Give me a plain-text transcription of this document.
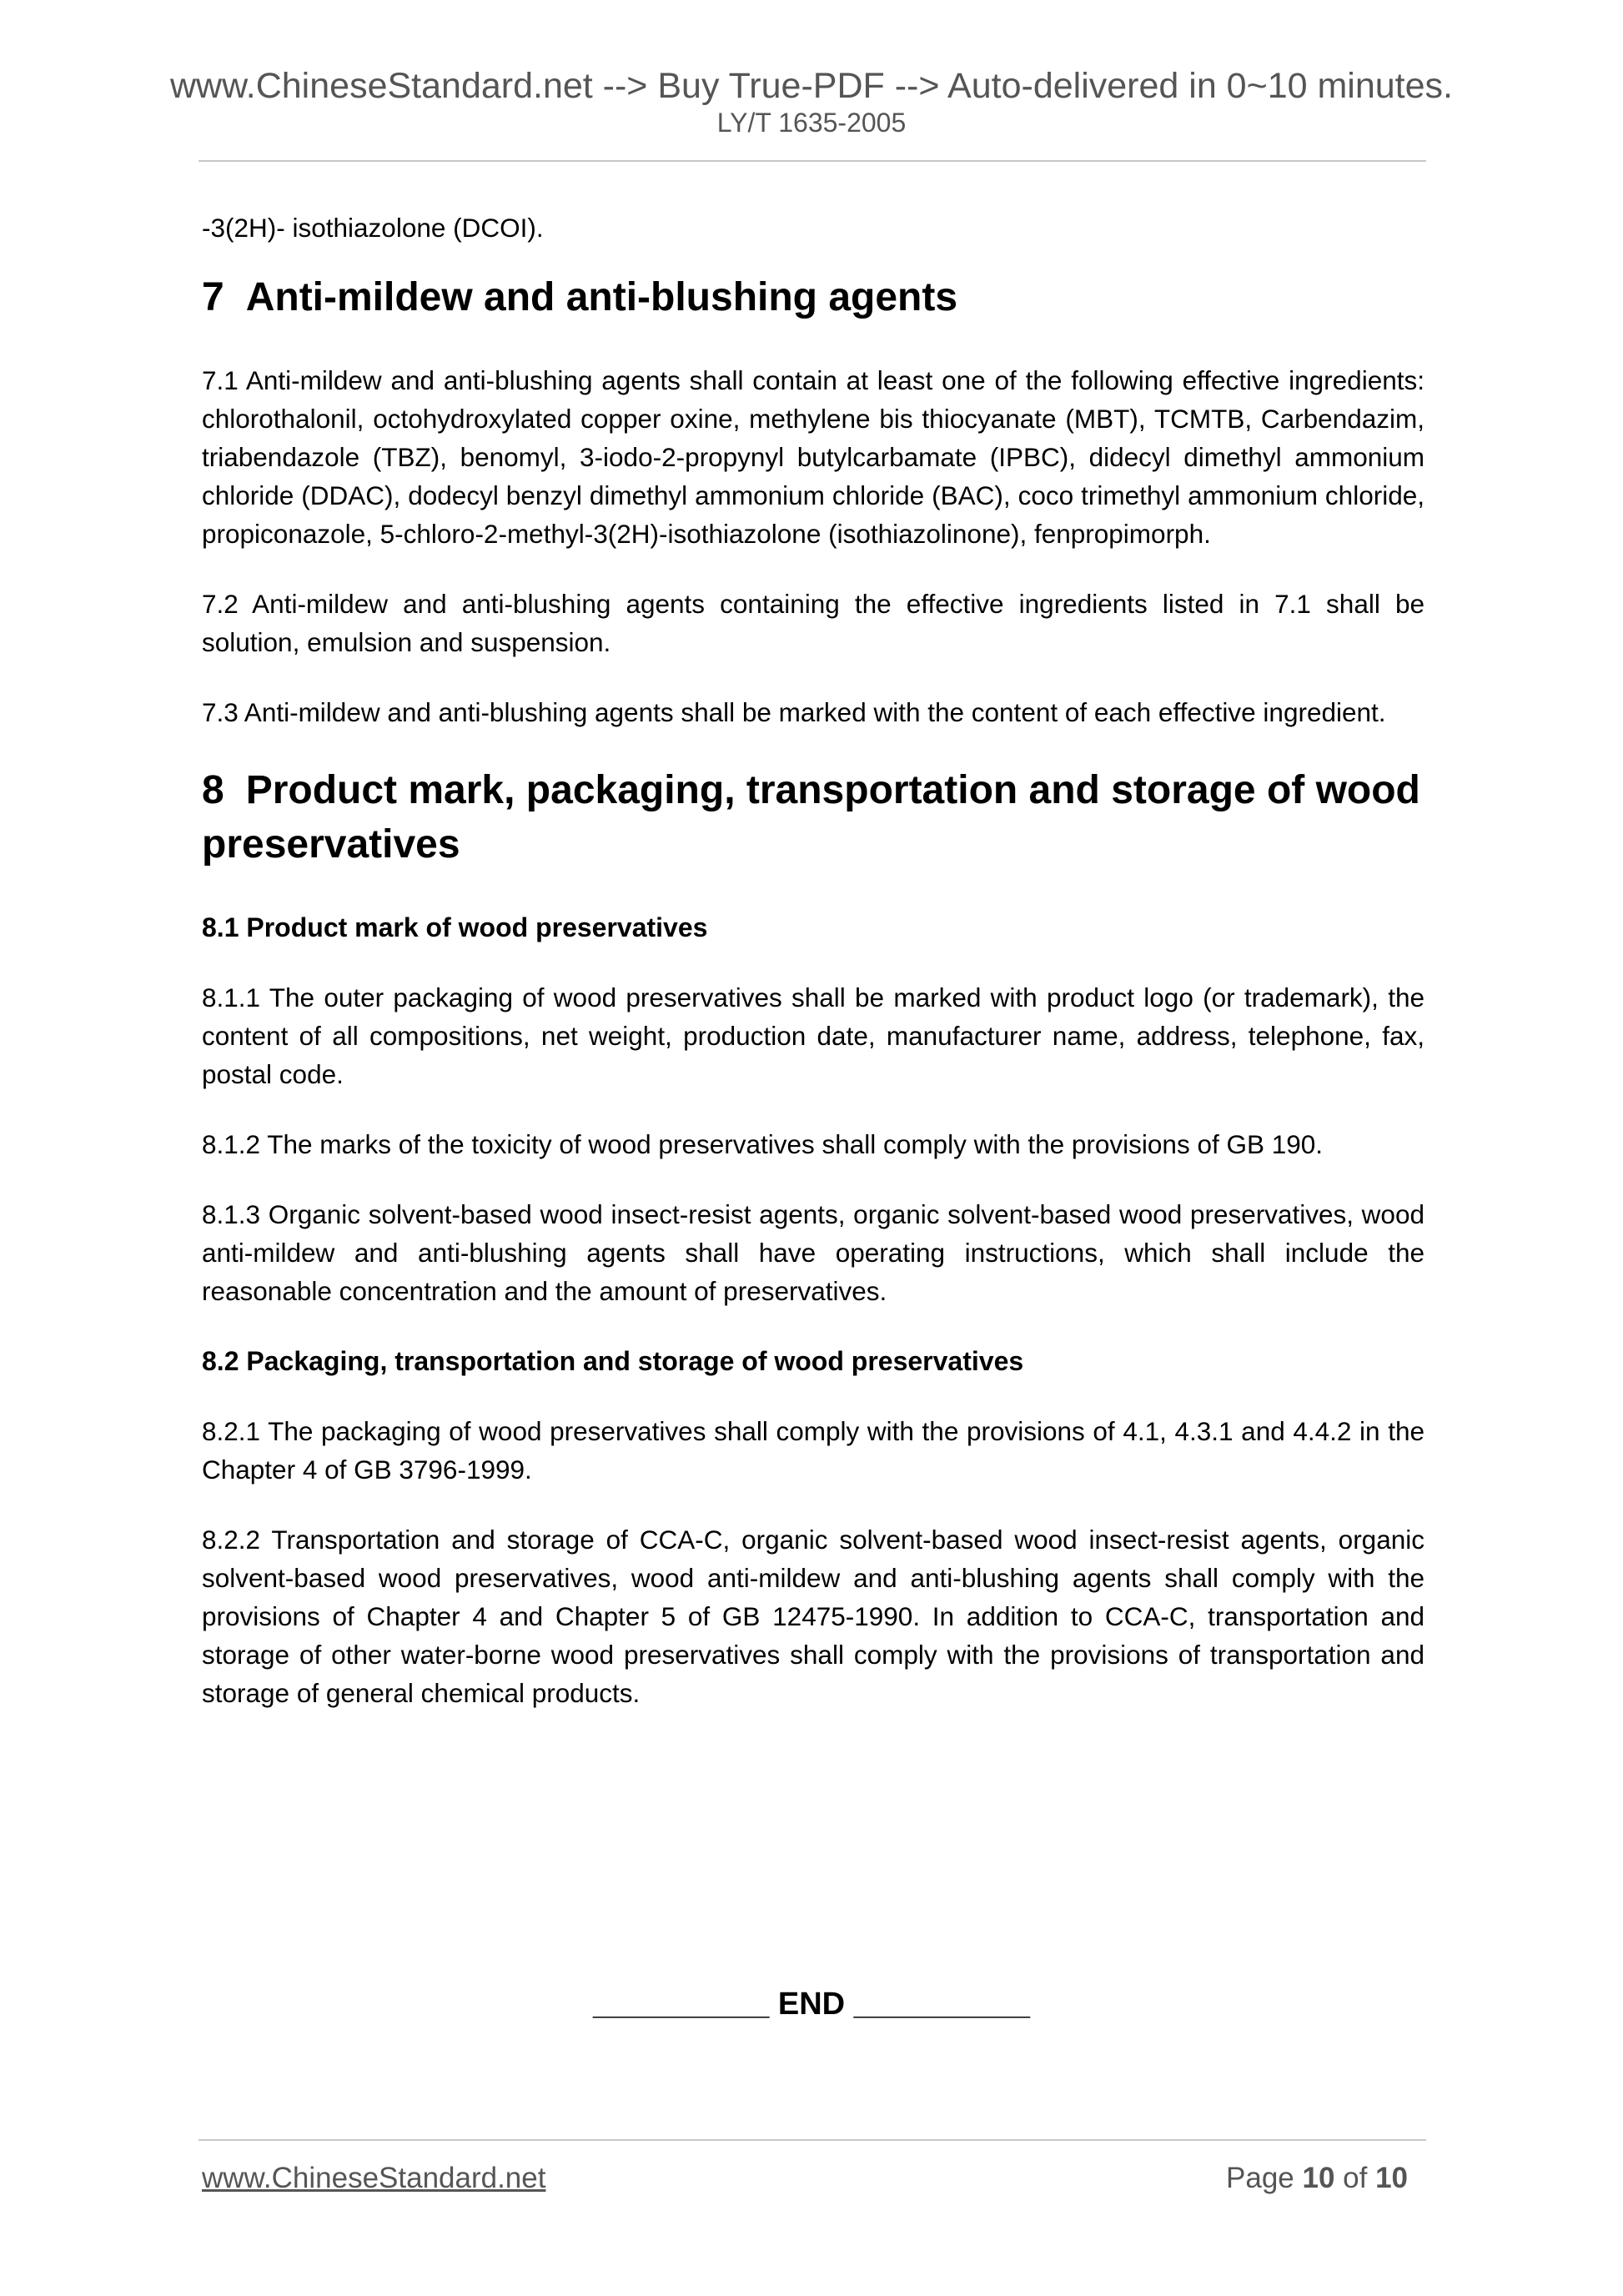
www.ChineseStandard.net --> Buy True-PDF --> Auto-delivered in 0~10 minutes.
LY/T 1635-2005

-3(2H)- isothiazolone (DCOI).

7 Anti-mildew and anti-blushing agents

7.1 Anti-mildew and anti-blushing agents shall contain at least one of the following effective ingredients: chlorothalonil, octohydroxylated copper oxine, methylene bis thiocyanate (MBT), TCMTB, Carbendazim, triabendazole (TBZ), benomyl, 3-iodo-2-propynyl butylcarbamate (IPBC), didecyl dimethyl ammonium chloride (DDAC), dodecyl benzyl dimethyl ammonium chloride (BAC), coco trimethyl ammonium chloride, propiconazole, 5-chloro-2-methyl-3(2H)-isothiazolone (isothiazolinone), fenpropimorph.

7.2 Anti-mildew and anti-blushing agents containing the effective ingredients listed in 7.1 shall be solution, emulsion and suspension.

7.3 Anti-mildew and anti-blushing agents shall be marked with the content of each effective ingredient.

8 Product mark, packaging, transportation and storage of wood preservatives
8.1 Product mark of wood preservatives

8.1.1 The outer packaging of wood preservatives shall be marked with product logo (or trademark), the content of all compositions, net weight, production date, manufacturer name, address, telephone, fax, postal code.

8.1.2 The marks of the toxicity of wood preservatives shall comply with the provisions of GB 190.

8.1.3 Organic solvent-based wood insect-resist agents, organic solvent-based wood preservatives, wood anti-mildew and anti-blushing agents shall have operating instructions, which shall include the reasonable concentration and the amount of preservatives.

8.2 Packaging, transportation and storage of wood preservatives

8.2.1 The packaging of wood preservatives shall comply with the provisions of 4.1, 4.3.1 and 4.4.2 in the Chapter 4 of GB 3796-1999.

8.2.2 Transportation and storage of CCA-C, organic solvent-based wood insect-resist agents, organic solvent-based wood preservatives, wood anti-mildew and anti-blushing agents shall comply with the provisions of Chapter 4 and Chapter 5 of GB 12475-1990. In addition to CCA-C, transportation and storage of other water-borne wood preservatives shall comply with the provisions of transportation and storage of general chemical products.

__________ END __________
www.ChineseStandard.net	Page 10 of 10
